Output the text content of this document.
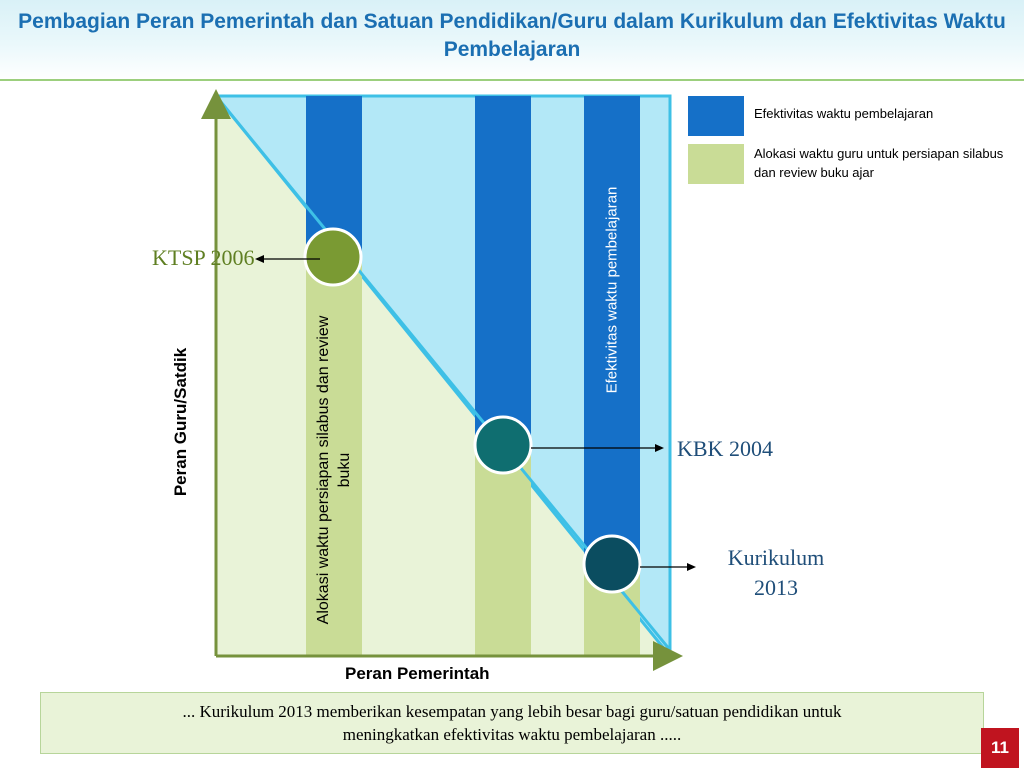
Pembagian Peran Pemerintah dan Satuan Pendidikan/Guru dalam Kurikulum dan Efektivitas Waktu Pembelajaran
Efektivitas waktu pembelajaran
Alokasi waktu guru untuk persiapan silabus dan review buku ajar
Peran Guru/Satdik	Alokasi waktu persiapan silabus dan review buku
Efektivitas waktu pembelajaran
KTSP 2006
KBK 2004
Kurikulum
2013
Peran Pemerintah
... Kurikulum 2013 memberikan kesempatan yang lebih besar bagi guru/satuan pendidikan untuk
meningkatkan efektivitas waktu pembelajaran .....
11
